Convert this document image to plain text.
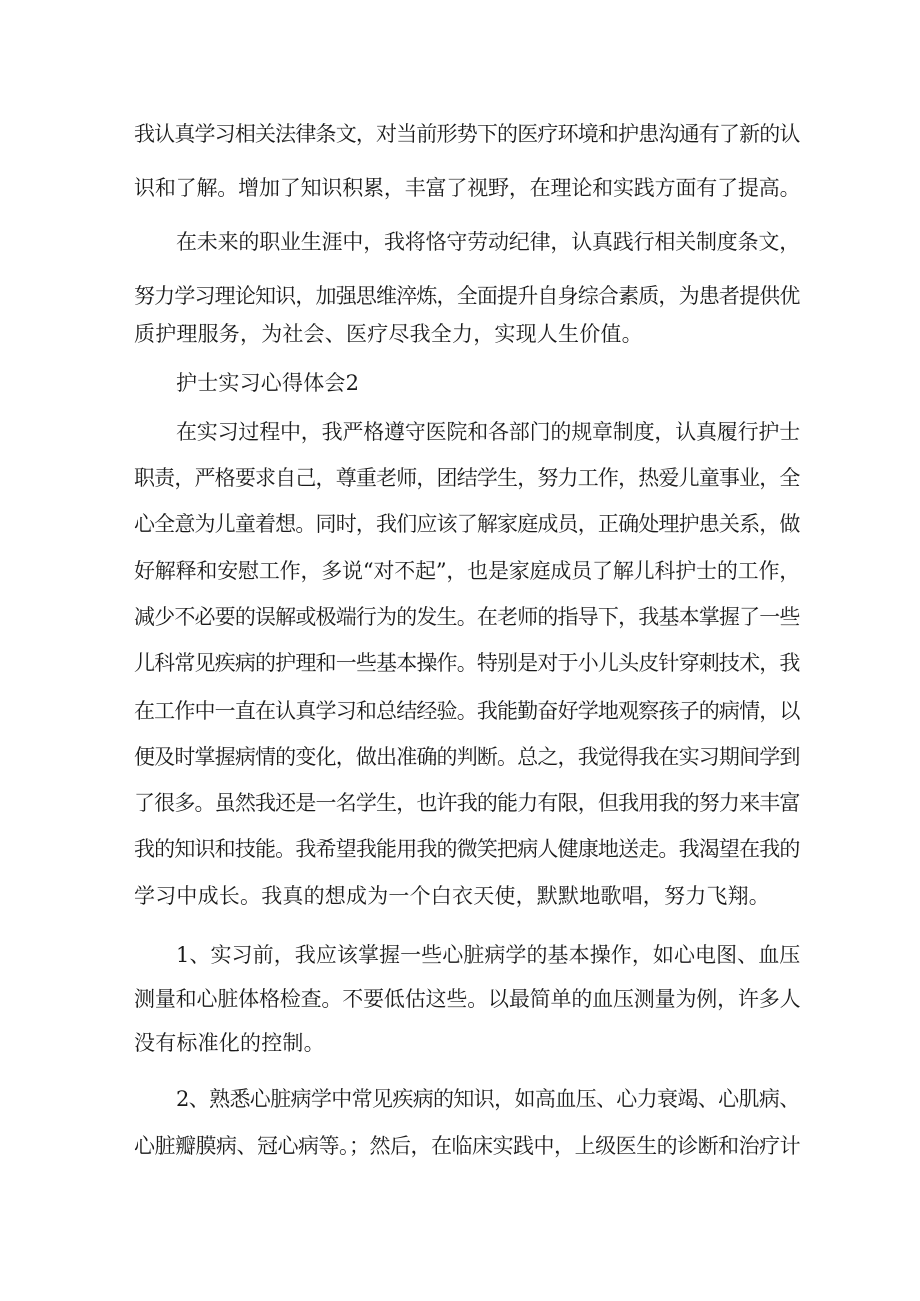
我认真学习相关法律条文，对当前形势下的医疗环境和护患沟通有了新的认
识和了解。增加了知识积累，丰富了视野，在理论和实践方面有了提高。
在未来的职业生涯中，我将恪守劳动纪律，认真践行相关制度条文，
努力学习理论知识，加强思维淬炼，全面提升自身综合素质，为患者提供优
质护理服务，为社会、医疗尽我全力，实现人生价值。
护士实习心得体会2
在实习过程中，我严格遵守医院和各部门的规章制度，认真履行护士
职责，严格要求自己，尊重老师，团结学生，努力工作，热爱儿童事业，全
心全意为儿童着想。同时，我们应该了解家庭成员，正确处理护患关系，做
好解释和安慰工作，多说“对不起”，也是家庭成员了解儿科护士的工作，
减少不必要的误解或极端行为的发生。在老师的指导下，我基本掌握了一些
儿科常见疾病的护理和一些基本操作。特别是对于小儿头皮针穿刺技术，我
在工作中一直在认真学习和总结经验。我能勤奋好学地观察孩子的病情，以
便及时掌握病情的变化，做出准确的判断。总之，我觉得我在实习期间学到
了很多。虽然我还是一名学生，也许我的能力有限，但我用我的努力来丰富
我的知识和技能。我希望我能用我的微笑把病人健康地送走。我渴望在我的
学习中成长。我真的想成为一个白衣天使，默默地歌唱，努力飞翔。
1、实习前，我应该掌握一些心脏病学的基本操作，如心电图、血压
测量和心脏体格检查。不要低估这些。以最简单的血压测量为例，许多人
没有标准化的控制。
2、熟悉心脏病学中常见疾病的知识，如高血压、心力衰竭、心肌病、
心脏瓣膜病、冠心病等。；然后，在临床实践中，上级医生的诊断和治疗计
